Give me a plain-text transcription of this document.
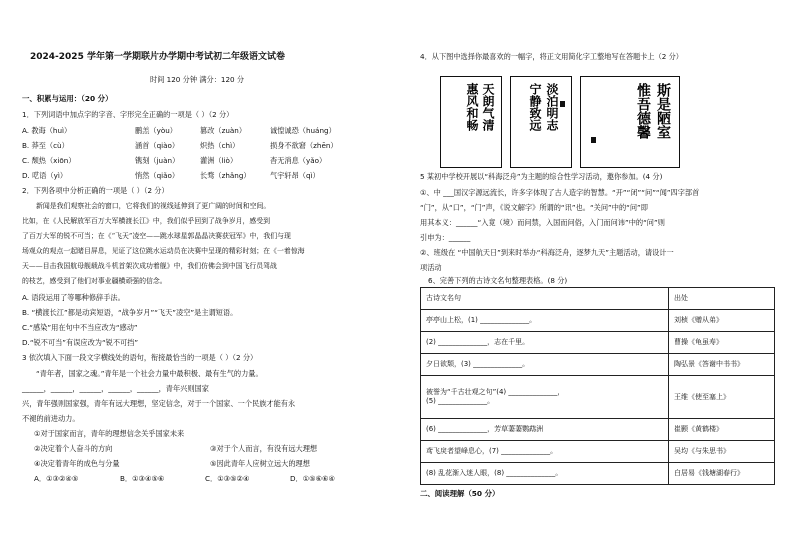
2024-2025 学年第一学期联片办学期中考试初二年级语文试卷
时间 120 分钟 满分：120 分
一、积累与运用：（20 分）
1．下列词语中加点字的字音、字形完全正确的一项是（ ）（2 分）
A. 教诲（huì）	鹏羔（yòu）	篡改（zuàn）	诚惶诚恐（huáng）
B. 莽至（cù）	涵首（qiào）	炽热（chì）	损身不欲窘（zhēn）
C. 颓热（xiōn）	镌刻（juàn）	灌洲（liò）	杳无消息（yǎo）
D. 呓语（yì）	悄然（qiǎo）	长骛（zhǎng）	气宇轩昂（qì）
2．下列各项中分析正确的一项是（ ）（2 分）
新闻是我们观察社会的窗口，它将我们的视线延伸到了更广阔的时间和空间。
比如，在《人民解放军百万大军横渡长江》中，我们似乎回到了战争岁月，感受到
了百万大军的锐不可当；在《“飞天”凌空——跳水球星郭晶晶决赛获冠军》中，我们与现
场观众的观点一起睹目屏息，见证了这位跳水运动员在决赛中呈现的精彩时刻；在《一着惊海
天——目击我国航母舰载战斗机首架次成功着舰》中，我们仿佛会到中国飞行员驾战
的枝艺，感受到了他们对事业疆横顽强的信念。
A. 语段运用了等哪种修辞手法。
B. “横渡长江”都是动宾短语，“战争岁月”“飞天”凌空”是主谓短语。
C.“感染”用在句中不当应改为“感动”
D.“锐不可当”有误应改为“锐不可挡”
3 依次填入下面一段文字横线处的语句，衔接最恰当的一项是（ ）（2 分）
“青年者，国家之魂。”青年是一个社会力量中最积极、最有生气的力量。
______，______，______，______，______，青年兴则国家
兴，青年强则国家强，青年有远大理想，坚定信念，对于一个国家、一个民族才能有永
不褪的前进动力。
①对于国家而言，青年的理想信念关乎国家未来
②决定着个人奋斗的方向	③对于个人而言，有没有远大理想
④决定着青年的成色与分量	⑤因此青年人应树立远大的理想
A．①③②④⑤	B．①③④⑤⑥	C．①③⑤②④	D．①⑤⑥⑥④
4．从下图中选择你最喜欢的一幅字，将正文用简化字工整地写在答题卡上（2 分）
天朗气清
惠风和畅	淡泊明志
宁静致远	惟吾德馨 斯是陋室
5 某初中学校开展以“科海泛舟”为主题的综合性学习活动，邀你参加。(4 分)
①、中 ___国汉字源远流长，许多字体现了古人造字的智慧。“开”“闭”“问”“闻”四字部首
“门”，从“口”，“门”声，《说文解字》所谓的“讯”也。“关问”中的“问”即
用其本义：______“入竟（境）而问禁，入国而问俗，入门而问讳”中的“问”则
引申为：______
②、班级在 “中国航天日”到来时举办“科海泛舟，逐梦九天”主题活动，请设计一
项活动
6、完善下列的古诗文名句整理表格。(8 分)
古诗文名句	出处
亭亭山上松，(1) ______________。	刘桢《赠从弟》
(2) ______________，志在千里。	曹操《龟虽寿》
夕日欲颓，(3) ______________。	陶弘景《答谢中书书》
被誉为“千古壮观之句”(4) ______________，
(5) ______________。	王维《使至塞上》
(6) ______________，芳草萋萋鹦鹉洲	崔颢《黄鹤楼》
鸢飞戾者望峰息心，(7) ______________。	吴均《与朱思书》
(8) 乱花渐入迷人眼，(8) ______________。	白居易《钱塘湖春行》
二、阅读理解（50 分）
